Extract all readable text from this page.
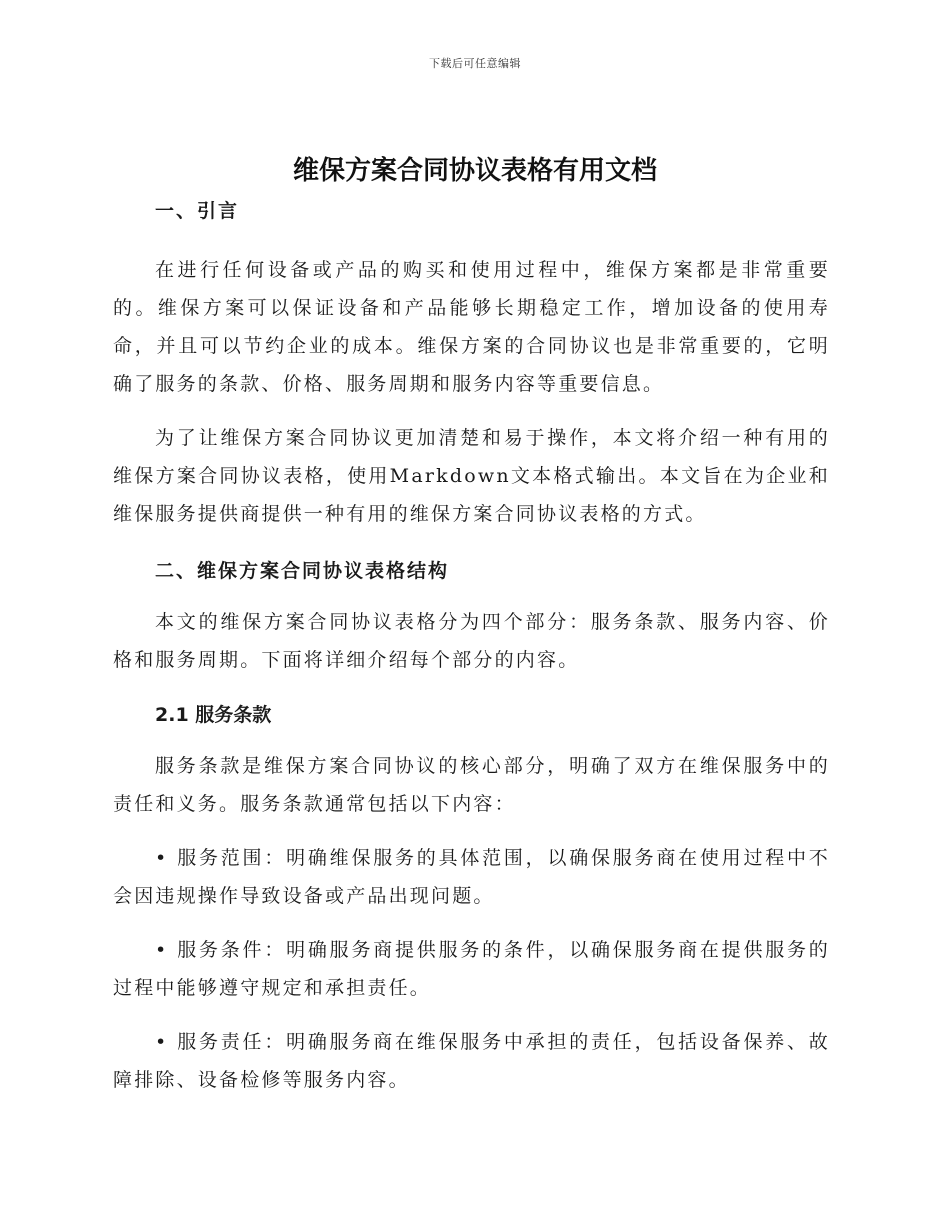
下载后可任意编辑
维保方案合同协议表格有用文档
一、引言

在进行任何设备或产品的购买和使用过程中，维保方案都是非常重要的。维保方案可以保证设备和产品能够长期稳定工作，增加设备的使用寿命，并且可以节约企业的成本。维保方案的合同协议也是非常重要的，它明确了服务的条款、价格、服务周期和服务内容等重要信息。

为了让维保方案合同协议更加清楚和易于操作，本文将介绍一种有用的维保方案合同协议表格，使用Markdown文本格式输出。本文旨在为企业和维保服务提供商提供一种有用的维保方案合同协议表格的方式。

二、维保方案合同协议表格结构

本文的维保方案合同协议表格分为四个部分：服务条款、服务内容、价格和服务周期。下面将详细介绍每个部分的内容。

2.1 服务条款

服务条款是维保方案合同协议的核心部分，明确了双方在维保服务中的责任和义务。服务条款通常包括以下内容：

• 服务范围：明确维保服务的具体范围，以确保服务商在使用过程中不会因违规操作导致设备或产品出现问题。

• 服务条件：明确服务商提供服务的条件，以确保服务商在提供服务的过程中能够遵守规定和承担责任。

• 服务责任：明确服务商在维保服务中承担的责任，包括设备保养、故障排除、设备检修等服务内容。
